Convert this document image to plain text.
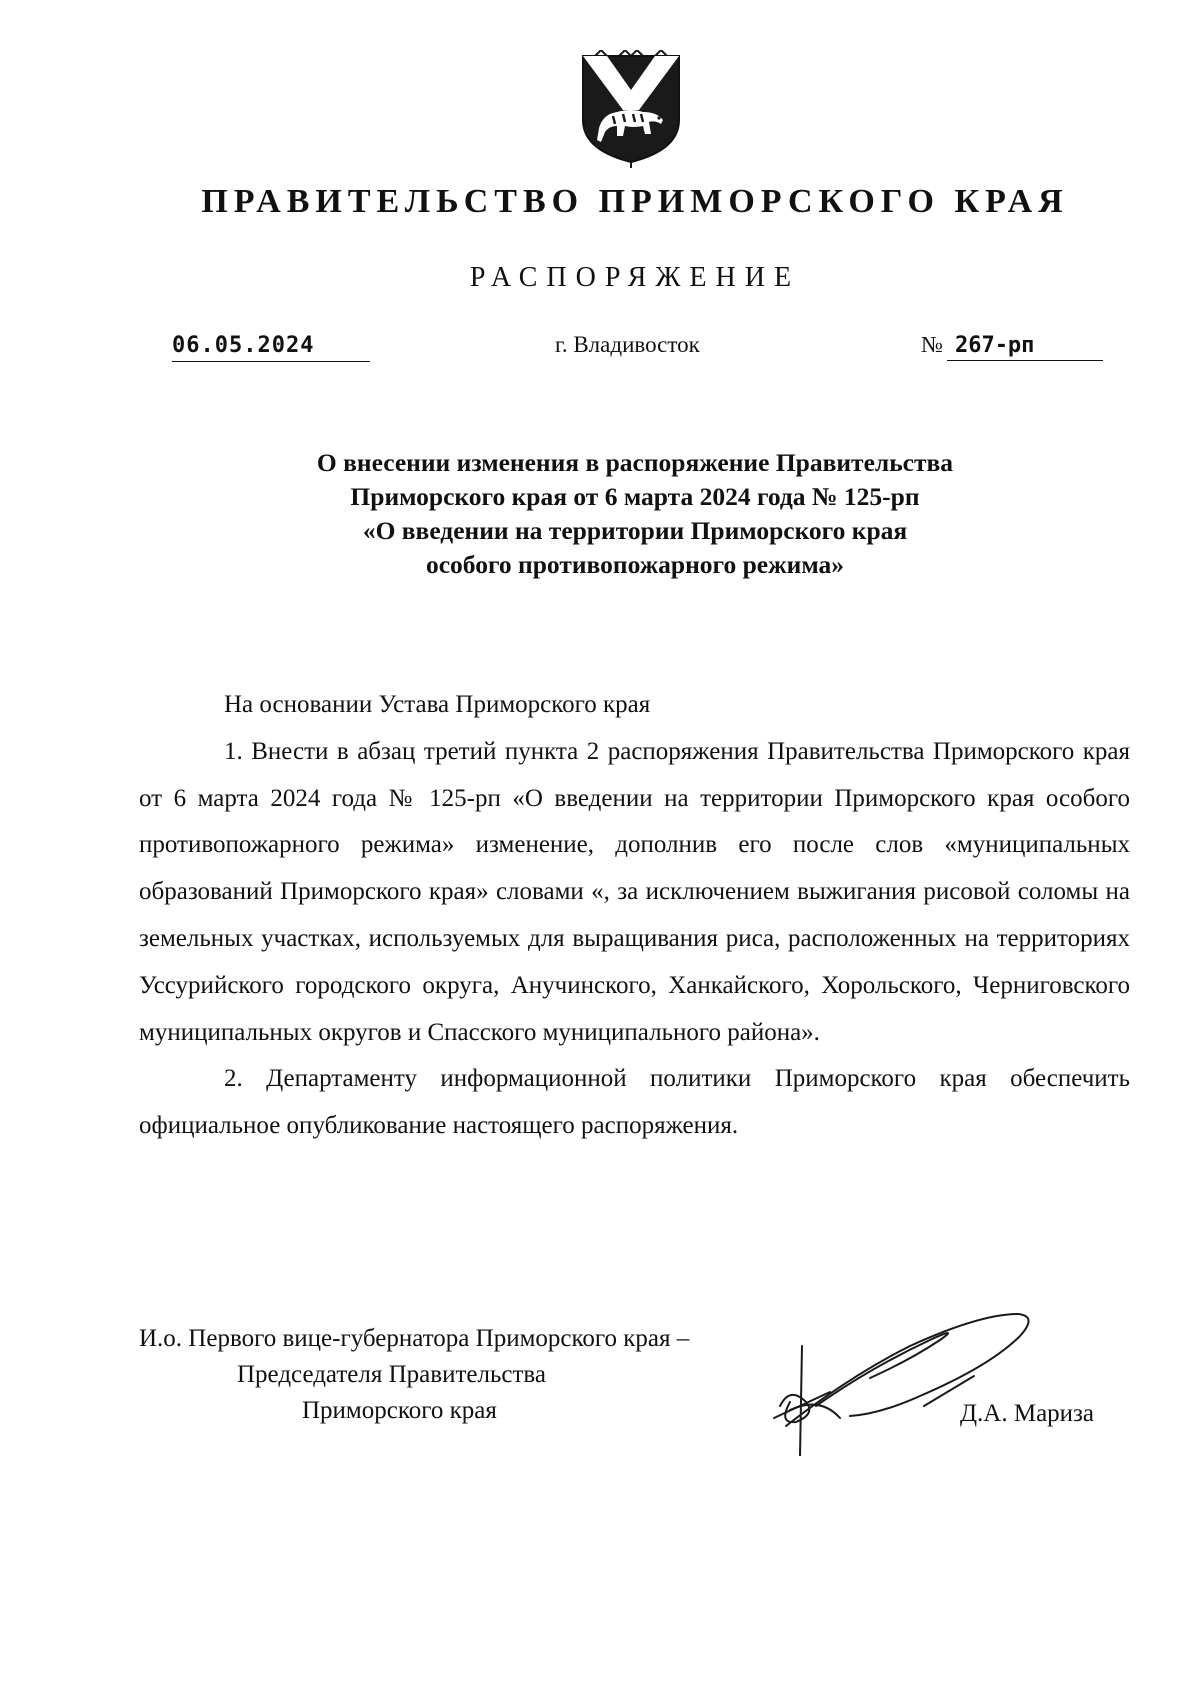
ПРАВИТЕЛЬСТВО ПРИМОРСКОГО КРАЯ
РАСПОРЯЖЕНИЕ
06.05.2024	г. Владивосток	№ 267-рп
О внесении изменения в распоряжение Правительства
Приморского края от 6 марта 2024 года № 125-рп
«О введении на территории Приморского края
особого противопожарного режима»

На основании Устава Приморского края

1. Внести в абзац третий пункта 2 распоряжения Правительства Приморского края от 6 марта 2024 года № 125-рп «О введении на территории Приморского края особого противопожарного режима» изменение, дополнив его после слов «муниципальных образований Приморского края» словами «, за исключением выжигания рисовой соломы на земельных участках, используемых для выращивания риса, расположенных на территориях Уссурийского городского округа, Анучинского, Ханкайского, Хорольского, Черниговского муниципальных округов и Спасского муниципального района».

2. Департаменту информационной политики Приморского края обеспечить официальное опубликование настоящего распоряжения.

И.о. Первого вице-губернатора Приморского края –
Председателя Правительства
Приморского края	Д.А. Мариза
